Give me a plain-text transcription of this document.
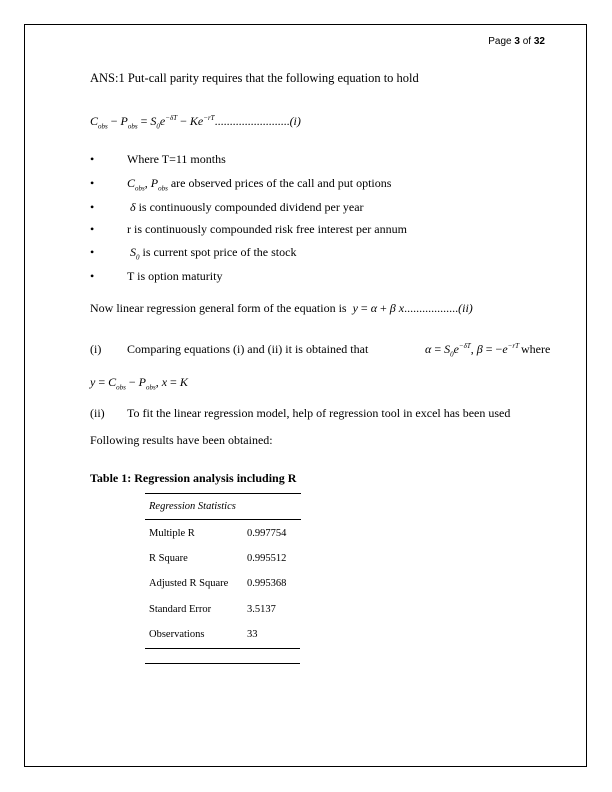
Page 3 of 32
ANS:1 Put-call parity requires that the following equation to hold
$C_{obs} - P_{obs} = S_0e^{-\delta T} - Ke^{-rT}.........................(i)$
•	Where T=11 months
•	$C_{obs}$, $P_{obs}$ are observed prices of the call and put options
•	δ is continuously compounded dividend per year
•	r is continuously compounded risk free interest per annum
•	$S_0$ is current spot price of the stock
•	T is option maturity
Now linear regression general form of the equation is y = α + β x..................(ii)
(i) Comparing equations (i) and (ii) it is obtained that	$\alpha = S_0e^{-\delta T}$, $\beta = -e^{-rT}$ where
$y = C_{obs} - P_{obs}$, x = K
(ii) To fit the linear regression model, help of regression tool in excel has been used
Following results have been obtained:
Table 1: Regression analysis including R
Regression Statistics	
Multiple R	0.997754
R Square	0.995512
Adjusted R Square	0.995368
Standard Error	3.5137
Observations	33
